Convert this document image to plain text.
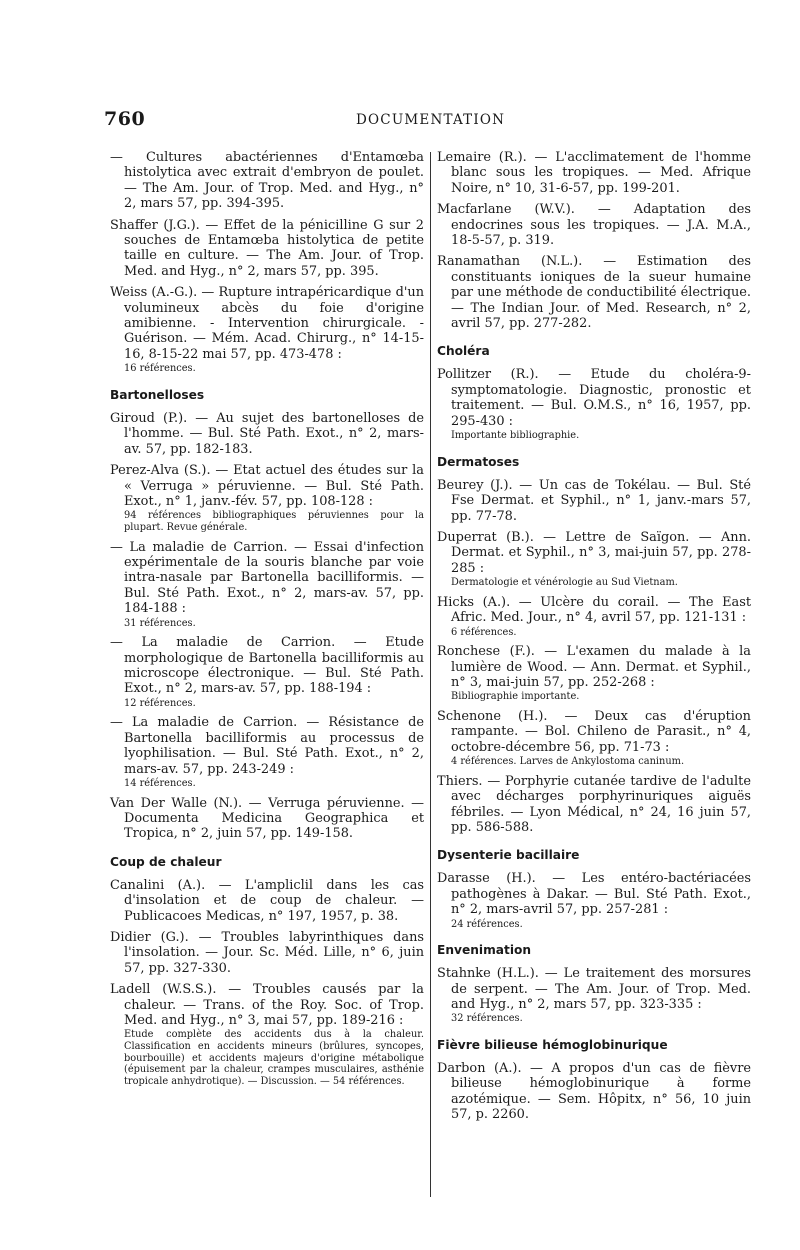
760	DOCUMENTATION
— Cultures abactériennes d'Entamœba histolytica avec extrait d'embryon de poulet. — The Am. Jour. of Trop. Med. and Hyg., n° 2, mars 57, pp. 394-395.
Shaffer (J.G.). — Effet de la pénicilline G sur 2 souches de Entamœba histolytica de petite taille en culture. — The Am. Jour. of Trop. Med. and Hyg., n° 2, mars 57, pp. 395.
Weiss (A.-G.). — Rupture intrapéricardique d'un volumineux abcès du foie d'origine amibienne. - Intervention chirurgicale. - Guérison. — Mém. Acad. Chirurg., n° 14-15-16, 8-15-22 mai 57, pp. 473-478 :
16 références.
Bartonelloses
Giroud (P.). — Au sujet des bartonelloses de l'homme. — Bul. Sté Path. Exot., n° 2, mars-av. 57, pp. 182-183.
Perez-Alva (S.). — Etat actuel des études sur la « Verruga » péruvienne. — Bul. Sté Path. Exot., n° 1, janv.-fév. 57, pp. 108-128 :
94 références bibliographiques péruviennes pour la plupart. Revue générale.
— La maladie de Carrion. — Essai d'infection expérimentale de la souris blanche par voie intra-nasale par Bartonella bacilliformis. — Bul. Sté Path. Exot., n° 2, mars-av. 57, pp. 184-188 :
31 références.
— La maladie de Carrion. — Etude morphologique de Bartonella bacilliformis au microscope électronique. — Bul. Sté Path. Exot., n° 2, mars-av. 57, pp. 188-194 :
12 références.
— La maladie de Carrion. — Résistance de Bartonella bacilliformis au processus de lyophilisation. — Bul. Sté Path. Exot., n° 2, mars-av. 57, pp. 243-249 :
14 références.
Van Der Walle (N.). — Verruga péruvienne. — Documenta Medicina Geographica et Tropica, n° 2, juin 57, pp. 149-158.
Coup de chaleur
Canalini (A.). — L'ampliclil dans les cas d'insolation et de coup de chaleur. — Publicacoes Medicas, n° 197, 1957, p. 38.
Didier (G.). — Troubles labyrinthiques dans l'insolation. — Jour. Sc. Méd. Lille, n° 6, juin 57, pp. 327-330.
Ladell (W.S.S.). — Troubles causés par la chaleur. — Trans. of the Roy. Soc. of Trop. Med. and Hyg., n° 3, mai 57, pp. 189-216 :
Etude complète des accidents dus à la chaleur. Classification en accidents mineurs (brûlures, syncopes, bourbouille) et accidents majeurs d'origine métabolique (épuisement par la chaleur, crampes musculaires, asthénie tropicale anhydrotique). — Discussion. — 54 références.
Lemaire (R.). — L'acclimatement de l'homme blanc sous les tropiques. — Med. Afrique Noire, n° 10, 31-6-57, pp. 199-201.
Macfarlane (W.V.). — Adaptation des endocrines sous les tropiques. — J.A. M.A., 18-5-57, p. 319.
Ranamathan (N.L.). — Estimation des constituants ioniques de la sueur humaine par une méthode de conductibilité électrique. — The Indian Jour. of Med. Research, n° 2, avril 57, pp. 277-282.
Choléra
Pollitzer (R.). — Etude du choléra-9- symptomatologie. Diagnostic, pronostic et traitement. — Bul. O.M.S., n° 16, 1957, pp. 295-430 :
Importante bibliographie.
Dermatoses
Beurey (J.). — Un cas de Tokélau. — Bul. Sté Fse Dermat. et Syphil., n° 1, janv.-mars 57, pp. 77-78.
Duperrat (B.). — Lettre de Saïgon. — Ann. Dermat. et Syphil., n° 3, mai-juin 57, pp. 278-285 :
Dermatologie et vénérologie au Sud Vietnam.
Hicks (A.). — Ulcère du corail. — The East Afric. Med. Jour., n° 4, avril 57, pp. 121-131 :
6 références.
Ronchese (F.). — L'examen du malade à la lumière de Wood. — Ann. Dermat. et Syphil., n° 3, mai-juin 57, pp. 252-268 :
Bibliographie importante.
Schenone (H.). — Deux cas d'éruption rampante. — Bol. Chileno de Parasit., n° 4, octobre-décembre 56, pp. 71-73 :
4 références. Larves de Ankylostoma caninum.
Thiers. — Porphyrie cutanée tardive de l'adulte avec décharges porphyrinuriques aiguës fébriles. — Lyon Médical, n° 24, 16 juin 57, pp. 586-588.
Dysenterie bacillaire
Darasse (H.). — Les entéro-bactériacées pathogènes à Dakar. — Bul. Sté Path. Exot., n° 2, mars-avril 57, pp. 257-281 :
24 références.
Envenimation
Stahnke (H.L.). — Le traitement des morsures de serpent. — The Am. Jour. of Trop. Med. and Hyg., n° 2, mars 57, pp. 323-335 :
32 références.
Fièvre bilieuse hémoglobinurique
Darbon (A.). — A propos d'un cas de fièvre bilieuse hémoglobinurique à forme azotémique. — Sem. Hôpitx, n° 56, 10 juin 57, p. 2260.
